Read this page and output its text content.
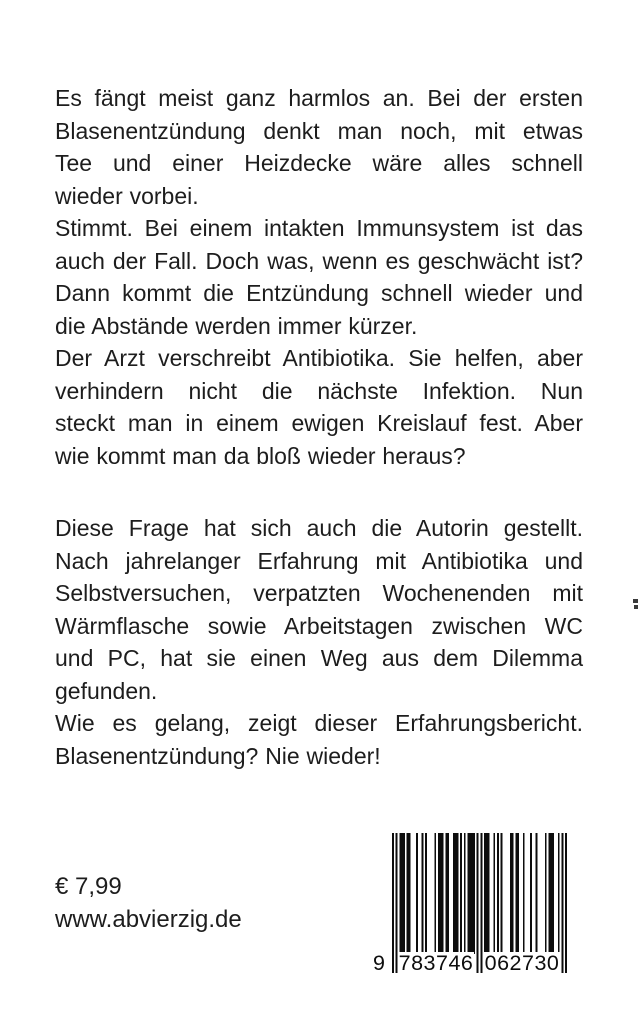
Es fängt meist ganz harmlos an. Bei der ersten
Blasenentzündung denkt man noch, mit etwas
Tee und einer Heizdecke wäre alles schnell
wieder vorbei.
Stimmt. Bei einem intakten Immunsystem ist das
auch der Fall. Doch was, wenn es geschwächt ist?
Dann kommt die Entzündung schnell wieder und
die Abstände werden immer kürzer.
Der Arzt verschreibt Antibiotika. Sie helfen, aber
verhindern nicht die nächste Infektion. Nun
steckt man in einem ewigen Kreislauf fest. Aber
wie kommt man da bloß wieder heraus?
Diese Frage hat sich auch die Autorin gestellt.
Nach jahrelanger Erfahrung mit Antibiotika und
Selbstversuchen, verpatzten Wochenenden mit
Wärmflasche sowie Arbeitstagen zwischen WC
und PC, hat sie einen Weg aus dem Dilemma
gefunden.
Wie es gelang, zeigt dieser Erfahrungsbericht.
Blasenentzündung? Nie wieder!
€ 7,99
www.abvierzig.de
9 783746 062730
